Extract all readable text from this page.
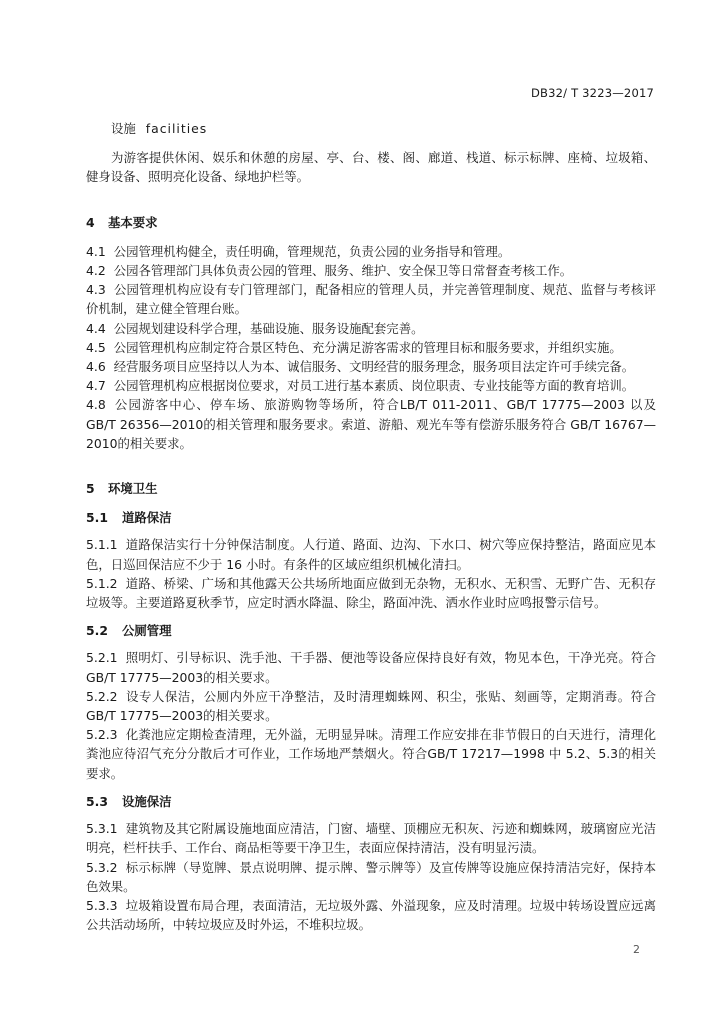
DB32/ T 3223—2017

设施 facilities

为游客提供休闲、娱乐和休憩的房屋、亭、台、楼、阁、廊道、栈道、标示标牌、座椅、垃圾箱、健身设备、照明亮化设备、绿地护栏等。

4 基本要求

4.1 公园管理机构健全，责任明确，管理规范，负责公园的业务指导和管理。

4.2 公园各管理部门具体负责公园的管理、服务、维护、安全保卫等日常督查考核工作。

4.3 公园管理机构应设有专门管理部门，配备相应的管理人员，并完善管理制度、规范、监督与考核评价机制，建立健全管理台账。

4.4 公园规划建设科学合理，基础设施、服务设施配套完善。

4.5 公园管理机构应制定符合景区特色、充分满足游客需求的管理目标和服务要求，并组织实施。

4.6 经营服务项目应坚持以人为本、诚信服务、文明经营的服务理念，服务项目法定许可手续完备。

4.7 公园管理机构应根据岗位要求，对员工进行基本素质、岗位职责、专业技能等方面的教育培训。

4.8 公园游客中心、停车场、旅游购物等场所，符合LB/T 011-2011、GB/T 17775—2003 以及 GB/T 26356—2010的相关管理和服务要求。索道、游船、观光车等有偿游乐服务符合 GB/T 16767—2010的相关要求。

5 环境卫生

5.1 道路保洁

5.1.1 道路保洁实行十分钟保洁制度。人行道、路面、边沟、下水口、树穴等应保持整洁，路面应见本色，日巡回保洁应不少于 16 小时。有条件的区域应组织机械化清扫。

5.1.2 道路、桥梁、广场和其他露天公共场所地面应做到无杂物，无积水、无积雪、无野广告、无积存垃圾等。主要道路夏秋季节，应定时洒水降温、除尘，路面冲洗、洒水作业时应鸣报警示信号。

5.2 公厕管理

5.2.1 照明灯、引导标识、洗手池、干手器、便池等设备应保持良好有效，物见本色，干净光亮。符合GB/T 17775—2003的相关要求。

5.2.2 设专人保洁，公厕内外应干净整洁，及时清理蜘蛛网、积尘，张贴、刻画等，定期消毒。符合GB/T 17775—2003的相关要求。

5.2.3 化粪池应定期检查清理，无外溢，无明显异味。清理工作应安排在非节假日的白天进行，清理化粪池应待沼气充分分散后才可作业，工作场地严禁烟火。符合GB/T 17217—1998 中 5.2、5.3的相关要求。

5.3 设施保洁

5.3.1 建筑物及其它附属设施地面应清洁，门窗、墙壁、顶棚应无积灰、污迹和蜘蛛网，玻璃窗应光洁明亮，栏杆扶手、工作台、商品柜等要干净卫生，表面应保持清洁，没有明显污渍。

5.3.2 标示标牌（导览牌、景点说明牌、提示牌、警示牌等）及宣传牌等设施应保持清洁完好，保持本色效果。

5.3.3 垃圾箱设置布局合理，表面清洁，无垃圾外露、外溢现象，应及时清理。垃圾中转场设置应远离公共活动场所，中转垃圾应及时外运，不堆积垃圾。

2
